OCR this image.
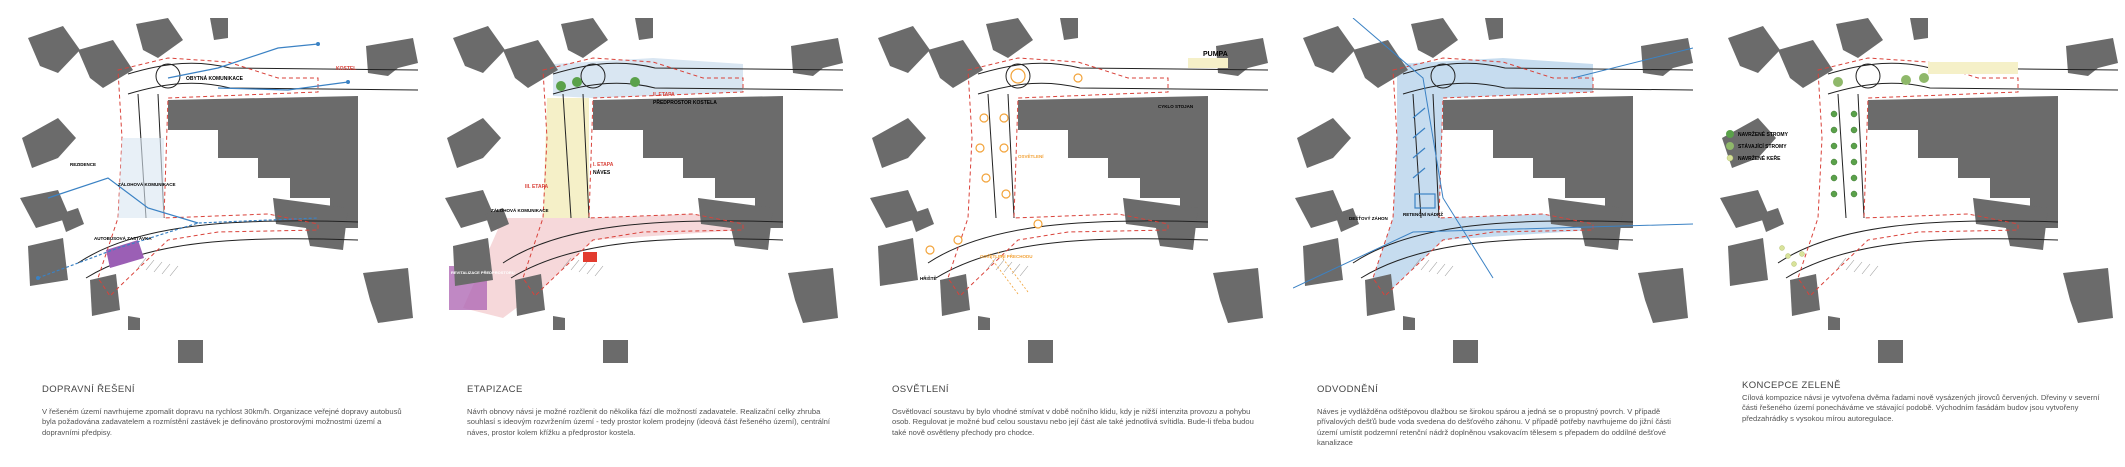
OBYTNÁ KOMUNIKACE
KOSTEL
REZIDENCE
ZÁLOHOVÁ KOMUNIKACE
AUTOBUSOVÁ ZASTÁVKA
DOPRAVNÍ ŘEŠENÍ
V řešeném území navrhujeme zpomalit dopravu na rychlost 30km/h. Organizace veřejné dopravy autobusů byla požadována zadavatelem a rozmístění zastávek je definováno prostorovými možnostmi území a dopravními předpisy.
II. ETAPA
PŘEDPROSTOR KOSTELA
I. ETAPA
NÁVES
III. ETAPA
REVITALIZACE PŘEDPROSTORU
ZÁLOHOVÁ KOMUNIKACE
ETAPIZACE
Návrh obnovy návsi je možné rozčlenit do několika fází dle možností zadavatele. Realizační celky zhruba souhlasí s ideovým rozvržením území - tedy prostor kolem prodejny (ideová část řešeného území), centrální náves, prostor kolem křížku a předprostor kostela.
PUMPA
OSVĚTLENÍ
CYKLO STOJAN
HŘIŠTĚ
OSVĚTLENÍ PŘECHODU
OSVĚTLENÍ
Osvětlovací soustavu by bylo vhodné stmívat v době nočního klidu, kdy je nižší intenzita provozu a pohybu osob. Regulovat je možné buď celou soustavu nebo její část ale také jednotlivá svítidla. Bude-li třeba budou také nově osvětleny přechody pro chodce.
DEŠŤOVÝ ZÁHON
RETENČNÍ NÁDRŽ
ODVODNĚNÍ
Náves je vydlážděna odštěpovou dlažbou se širokou spárou a jedná se o propustný povrch. V případě přívalových dešťů bude voda svedena do dešťového záhonu. V případě potřeby navrhujeme do jižní části území umístit podzemní retenční nádrž doplněnou vsakovacím tělesem s přepadem do oddílné dešťové kanalizace
NAVRŽENÉ STROMY
STÁVAJÍCÍ STROMY
NAVRŽENÉ KEŘE
KONCEPCE ZELENĚ
Cílová kompozice návsi je vytvořena dvěma řadami nově vysázených jírovců červených. Dřeviny v severní části řešeného území ponecháváme ve stávající podobě. Východním fasádám budov jsou vytvořeny předzahrádky s vysokou mírou autoregulace.
